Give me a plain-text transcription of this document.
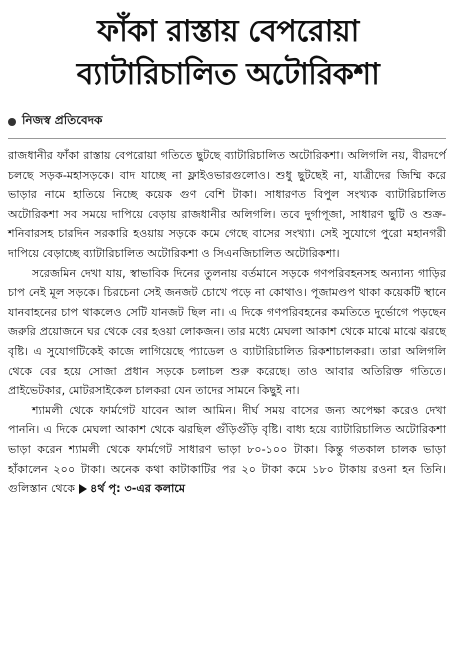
ফাঁকা রাস্তায় বেপরোয়া
ব্যাটারিচালিত অটোরিকশা
নিজস্ব প্রতিবেদক

রাজধানীর ফাঁকা রাস্তায় বেপরোয়া গতিতে ছুটছে ব্যাটারিচালিত অটোরিকশা। অলিগলি নয়, বীরদর্পে চলছে সড়ক-মহাসড়কে। বাদ যাচ্ছে না ফ্লাইওভারগুলোও। শুধু ছুটছেই না, যাত্রীদের জিম্মি করে ভাড়ার নামে হাতিয়ে নিচ্ছে কয়েক গুণ বেশি টাকা। সাধারণত বিপুল সংখ্যক ব্যাটারিচালিত অটোরিকশা সব সময়ে দাপিয়ে বেড়ায় রাজধানীর অলিগলি। তবে দুর্গাপূজা, সাধারণ ছুটি ও শুক্র-শনিবারসহ চারদিন সরকারি হওয়ায় সড়কে কমে গেছে বাসের সংখ্যা। সেই সুযোগে পুরো মহানগরী দাপিয়ে বেড়াচ্ছে ব্যাটারিচালিত অটোরিকশা ও সিএনজিচালিত অটোরিকশা।

সরেজমিন দেখা যায়, স্বাভাবিক দিনের তুলনায় বর্তমানে সড়কে গণপরিবহনসহ অন্যান্য গাড়ির চাপ নেই মূল সড়কে। চিরচেনা সেই জনজট চোখে পড়ে না কোথাও। পূজামণ্ডপ থাকা কয়েকটি স্থানে যানবাহনের চাপ থাকলেও সেটি যানজট ছিল না। এ দিকে গণপরিবহনের কমতিতে দুর্ভোগে পড়ছেন জরুরি প্রয়োজনে ঘর থেকে বের হওয়া লোকজন। তার মধ্যে মেঘলা আকাশ থেকে মাঝে মাঝে ঝরছে বৃষ্টি। এ সুযোগটিকেই কাজে লাগিয়েছে প্যাডেল ও ব্যাটারিচালিত রিকশাচালকরা। তারা অলিগলি থেকে বের হয়ে সোজা প্রধান সড়কে চলাচল শুরু করেছে। তাও আবার অতিরিক্ত গতিতে। প্রাইভেটকার, মোটরসাইকেল চালকরা যেন তাদের সামনে কিছুই না।

শ্যামলী থেকে ফার্মগেট যাবেন আল আমিন। দীর্ঘ সময় বাসের জন্য অপেক্ষা করেও দেখা পাননি। এ দিকে মেঘলা আকাশ থেকে ঝরছিল গুঁড়িগুঁড়ি বৃষ্টি। বাধ্য হয়ে ব্যাটারিচালিত অটোরিকশা ভাড়া করেন শ্যামলী থেকে ফার্মগেট সাধারণ ভাড়া ৮০-১০০ টাকা। কিন্তু গতকাল চালক ভাড়া হাঁকালেন ২০০ টাকা। অনেক কথা কাটাকাটির পর ২০ টাকা কমে ১৮০ টাকায় রওনা হন তিনি। গুলিস্তান থেকে ৪র্থ পৃ: ৩-এর কলামে
